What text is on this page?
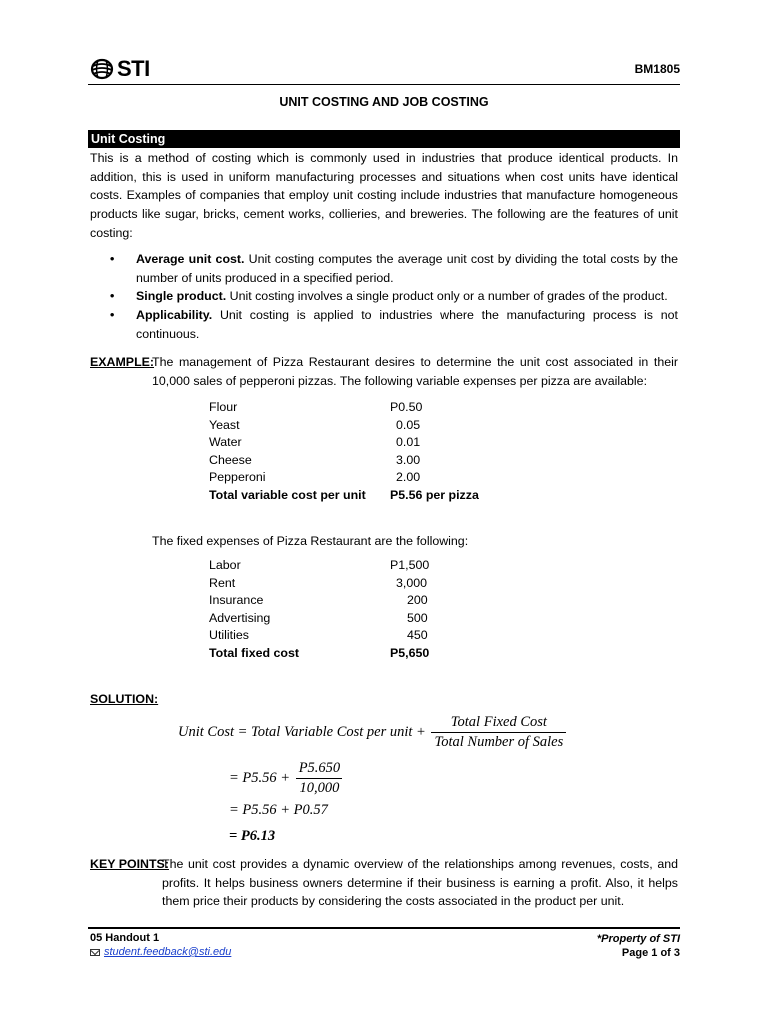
STI	BM1805
UNIT COSTING AND JOB COSTING
Unit Costing
This is a method of costing which is commonly used in industries that produce identical products. In addition, this is used in uniform manufacturing processes and situations when cost units have identical costs. Examples of companies that employ unit costing include industries that manufacture homogeneous products like sugar, bricks, cement works, collieries, and breweries. The following are the features of unit costing:
• Average unit cost. Unit costing computes the average unit cost by dividing the total costs by the number of units produced in a specified period.
• Single product. Unit costing involves a single product only or a number of grades of the product.
• Applicability. Unit costing is applied to industries where the manufacturing process is not continuous.
EXAMPLE:
The management of Pizza Restaurant desires to determine the unit cost associated in their 10,000 sales of pepperoni pizzas. The following variable expenses per pizza are available:
Flour	P0.50
Yeast	0.05
Water	0.01
Cheese	3.00
Pepperoni	2.00
Total variable cost per unit P5.56 per pizza
The fixed expenses of Pizza Restaurant are the following:
Labor	P1,500
Rent	3,000
Insurance	200
Advertising	500
Utilities	450
Total fixed cost	P5,650
SOLUTION:
Unit Cost = Total Variable Cost per unit + $\frac{\text{Total Fixed Cost}}{\text{Total Number of Sales}}$
= $P5.56 + \frac{P5.650}{10,000}$
= P5.56 + P0.57
= P6.13
KEY POINTS:
The unit cost provides a dynamic overview of the relationships among revenues, costs, and profits. It helps business owners determine if their business is earning a profit. Also, it helps them price their products by considering the costs associated in the product per unit.
05 Handout 1
student.feedback@sti.edu
*Property of STI
Page 1 of 3
